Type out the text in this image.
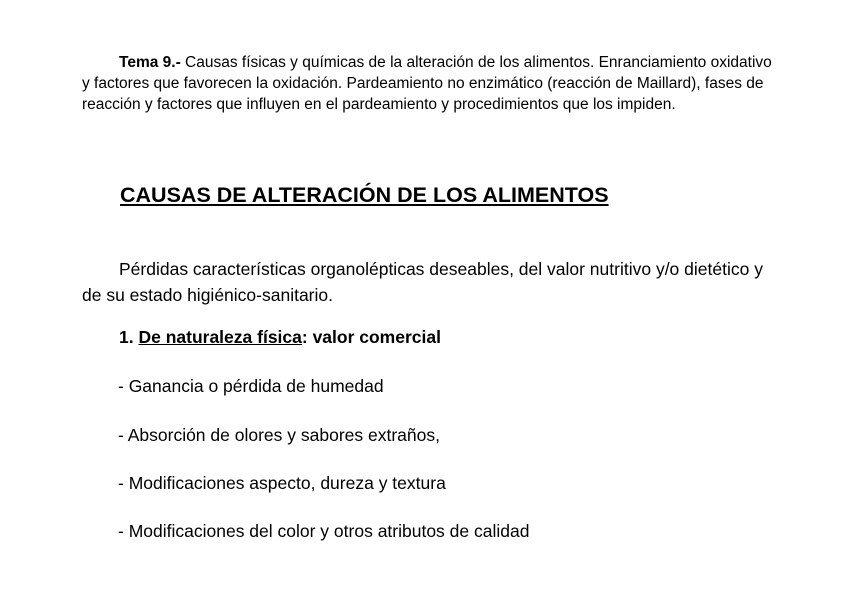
Tema 9.- Causas físicas y químicas de la alteración de los alimentos. Enranciamiento oxidativo y factores que favorecen la oxidación. Pardeamiento no enzimático (reacción de Maillard), fases de reacción y factores que influyen en el pardeamiento y procedimientos que los impiden.

CAUSAS DE ALTERACIÓN DE LOS ALIMENTOS

Pérdidas características organolépticas deseables, del valor nutritivo y/o dietético y de su estado higiénico-sanitario.

1. De naturaleza física: valor comercial

- Ganancia o pérdida de humedad

- Absorción de olores y sabores extraños,

- Modificaciones aspecto, dureza y textura

- Modificaciones del color y otros atributos de calidad
